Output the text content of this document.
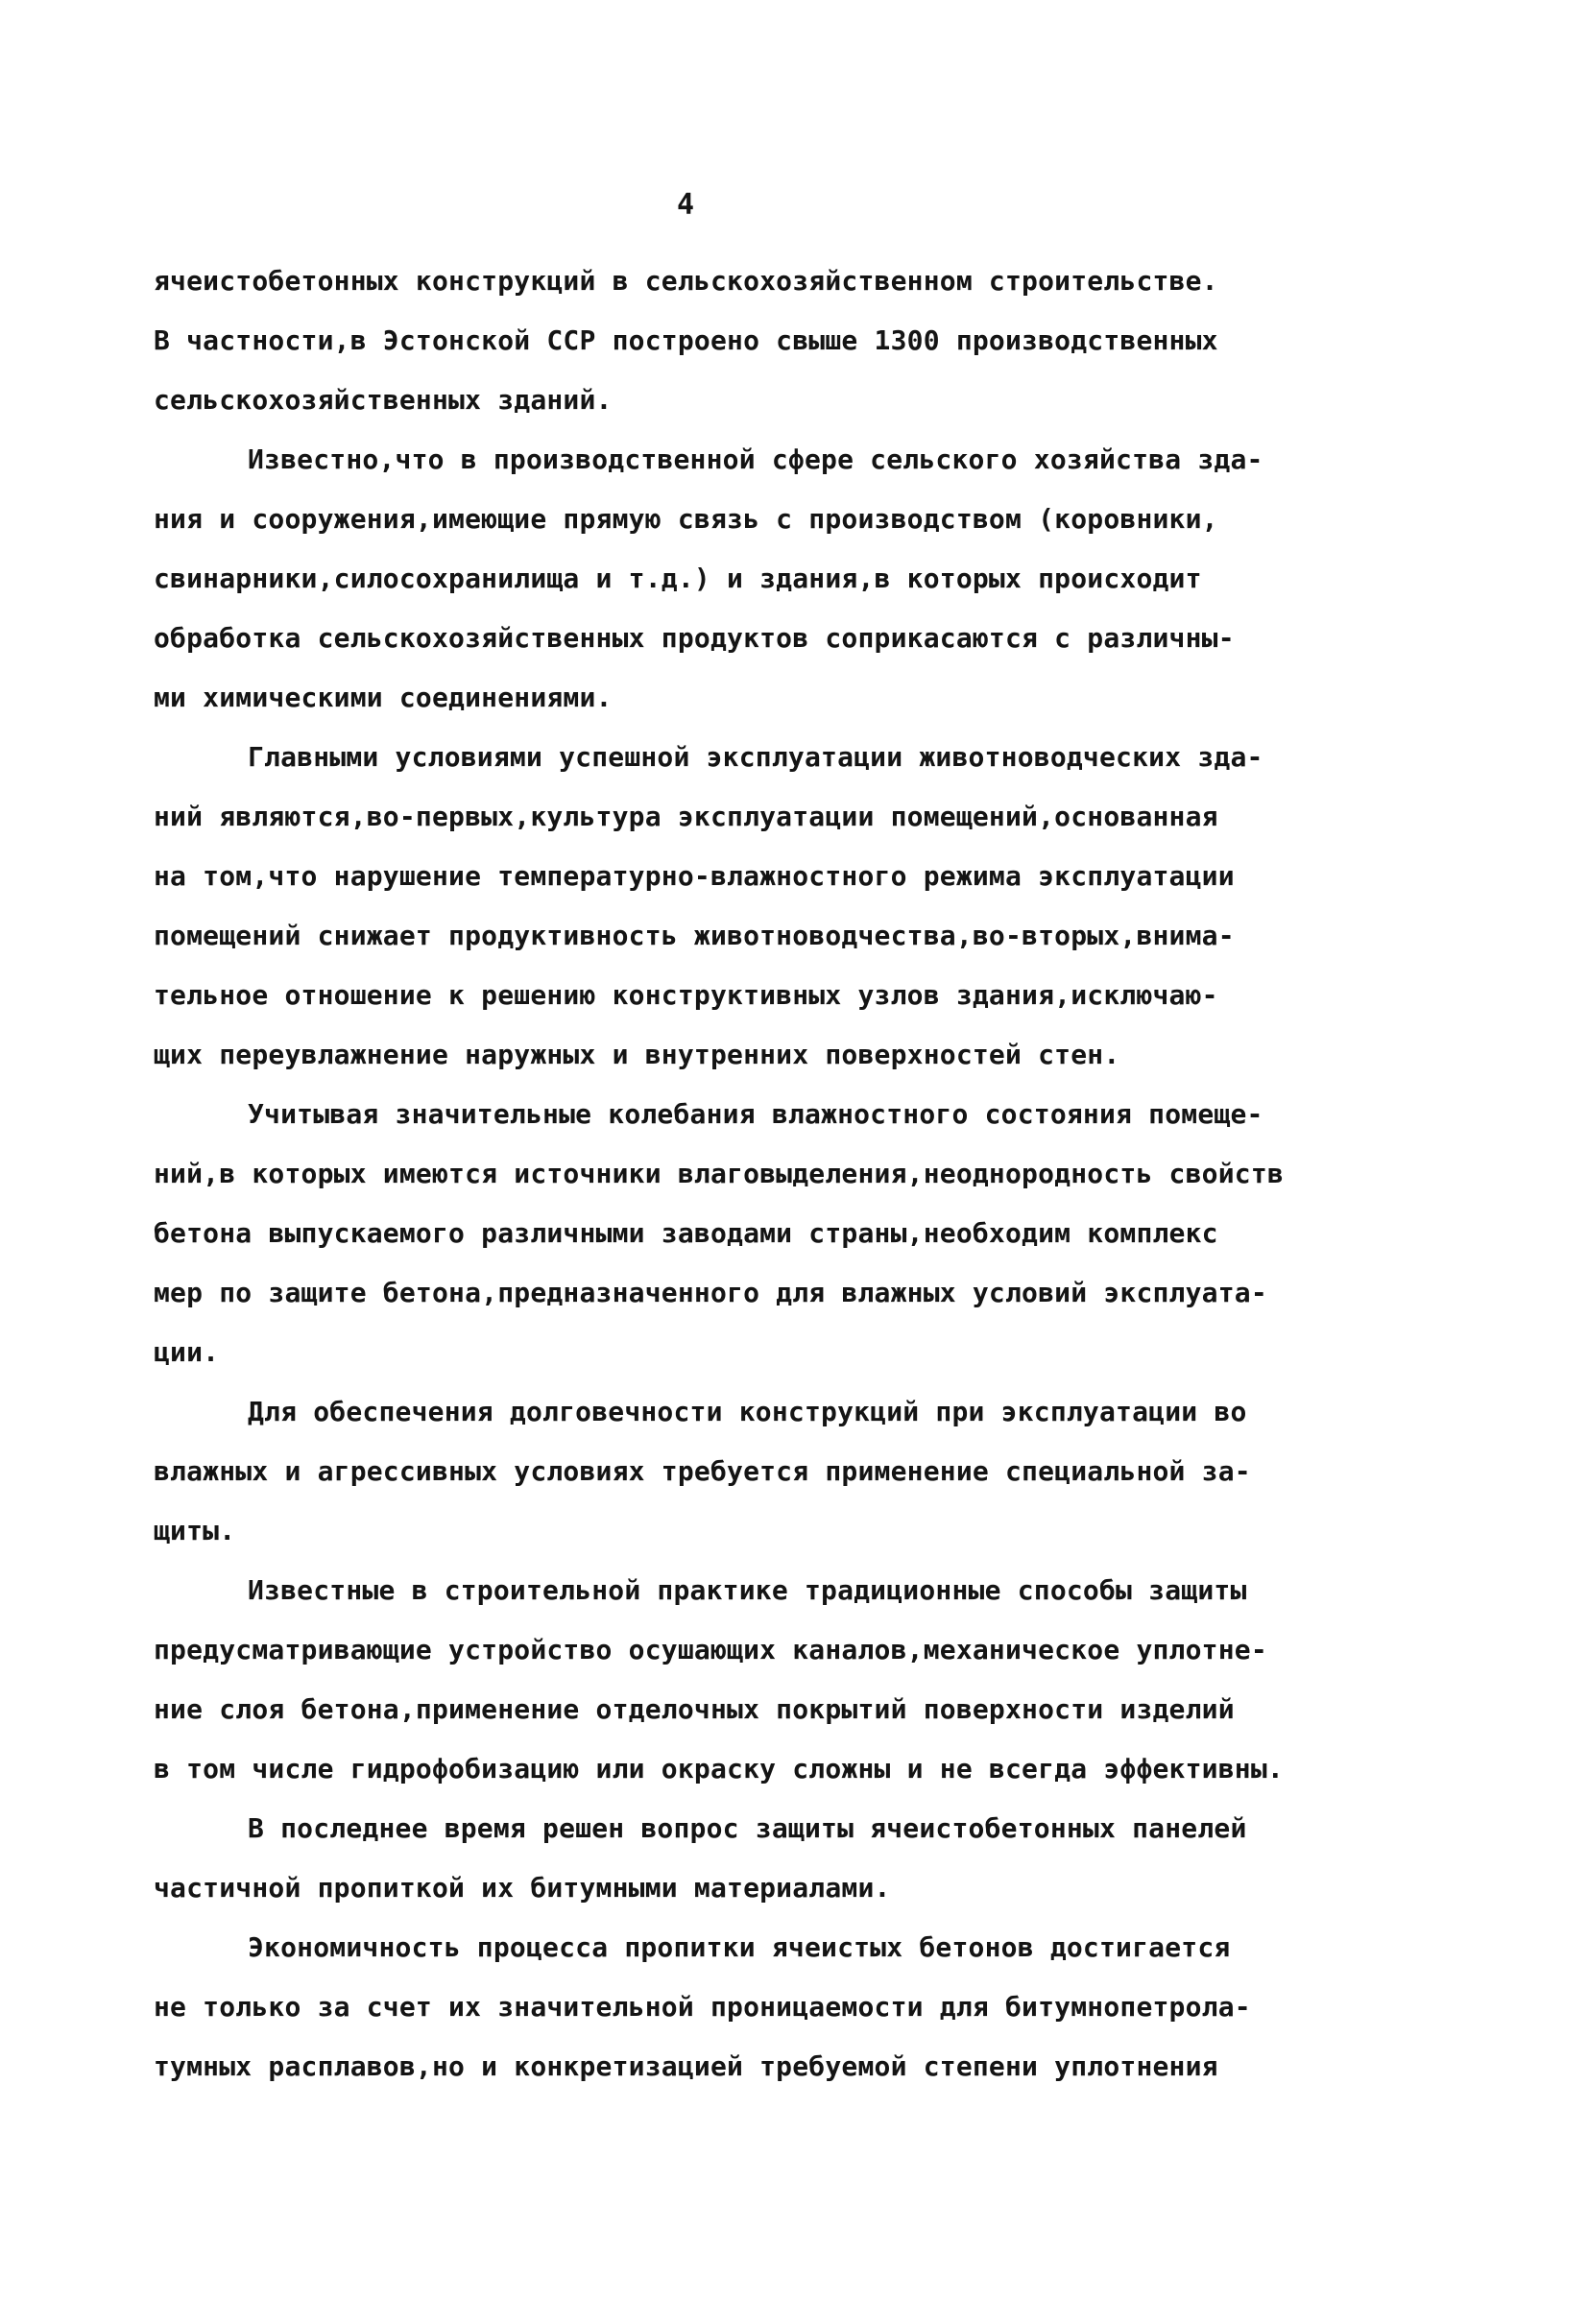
4
ячеистобетонных конструкций в сельскохозяйственном строительстве.
В частности,в Эстонской ССР построено свыше 1300 производственных
сельскохозяйственных зданий.
Известно,что в производственной сфере сельского хозяйства зда-
ния и сооружения,имеющие прямую связь с производством (коровники,
свинарники,силосохранилища и т.д.) и здания,в которых происходит
обработка сельскохозяйственных продуктов соприкасаются с различны-
ми химическими соединениями.
Главными условиями успешной эксплуатации животноводческих зда-
ний являются,во-первых,культура эксплуатации помещений,основанная
на том,что нарушение температурно-влажностного режима эксплуатации
помещений снижает продуктивность животноводчества,во-вторых,внима-
тельное отношение к решению конструктивных узлов здания,исключаю-
щих переувлажнение наружных и внутренних поверхностей стен.
Учитывая значительные колебания влажностного состояния помеще-
ний,в которых имеются источники влаговыделения,неоднородность свойств
бетона выпускаемого различными заводами страны,необходим комплекс
мер по защите бетона,предназначенного для влажных условий эксплуата-
ции.
Для обеспечения долговечности конструкций при эксплуатации во
влажных и агрессивных условиях требуется применение специальной за-
щиты.
Известные в строительной практике традиционные способы защиты
предусматривающие устройство осушающих каналов,механическое уплотне-
ние слоя бетона,применение отделочных покрытий поверхности изделий
в том числе гидрофобизацию или окраску сложны и не всегда эффективны.
В последнее время решен вопрос защиты ячеистобетонных панелей
частичной пропиткой их битумными материалами.
Экономичность процесса пропитки ячеистых бетонов достигается
не только за счет их значительной проницаемости для битумнопетрола-
тумных расплавов,но и конкретизацией требуемой степени уплотнения
